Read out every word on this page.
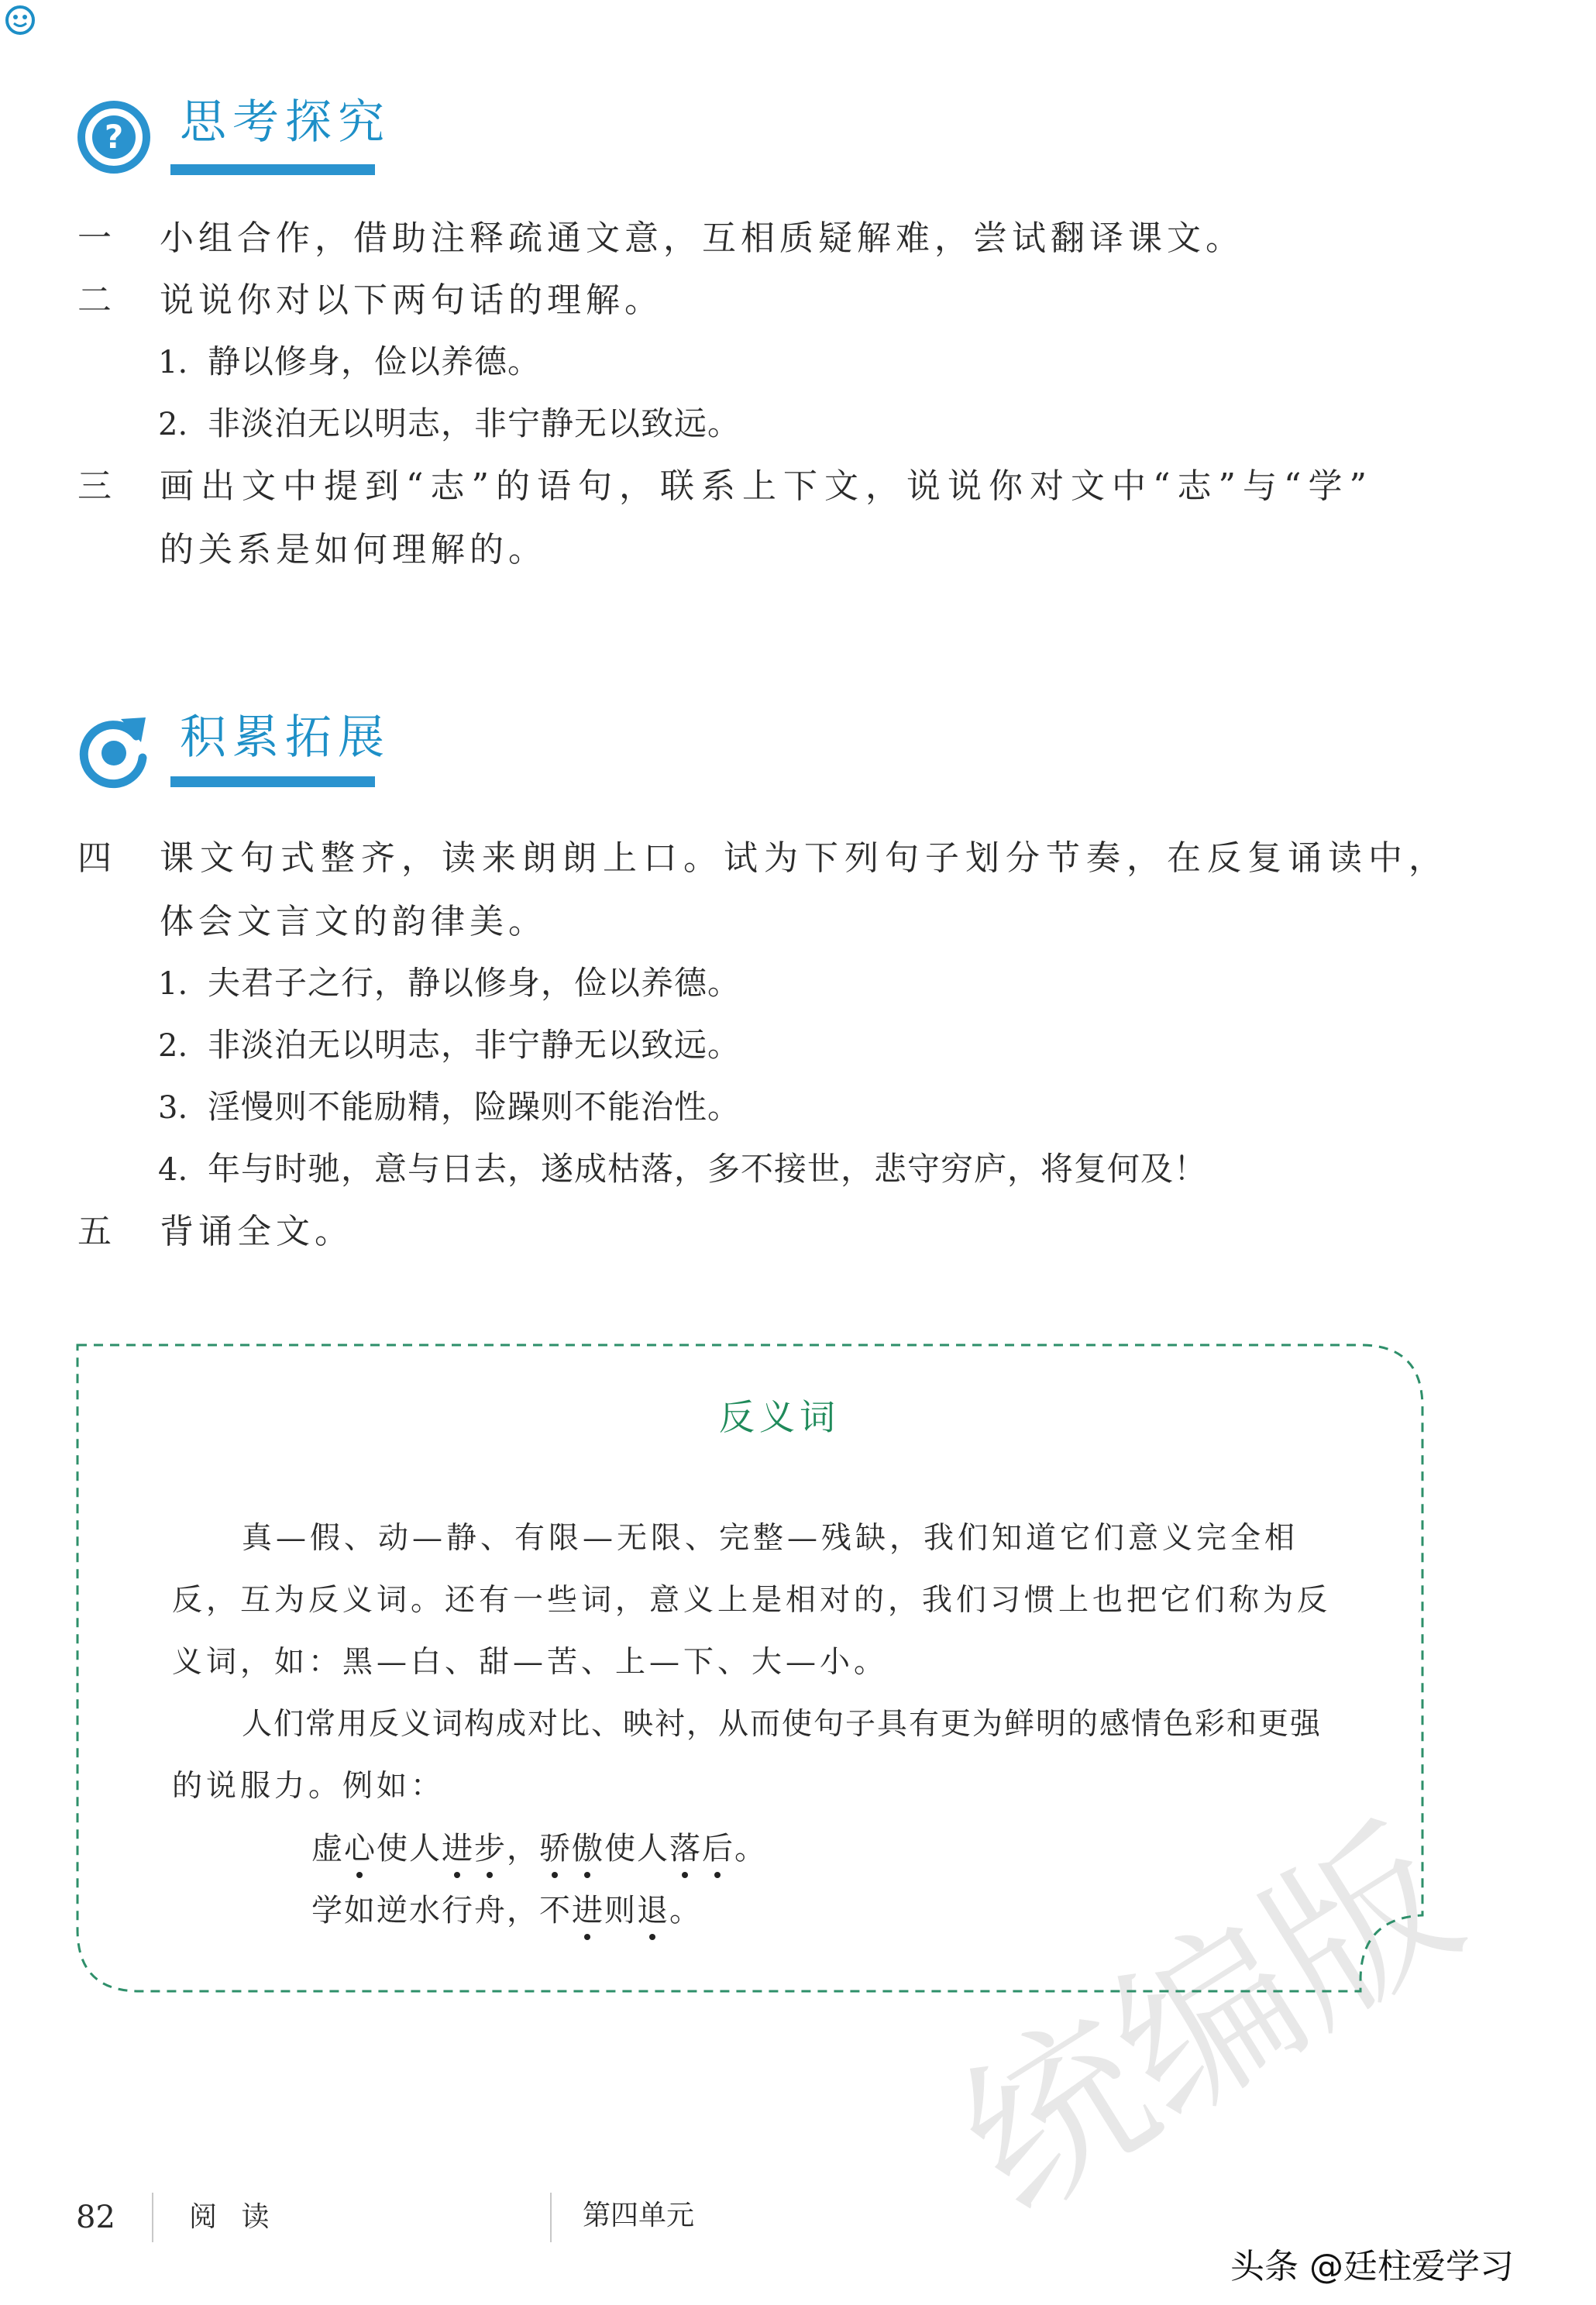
? 思考探究
一 小组合作，借助注释疏通文意，互相质疑解难，尝试翻译课文。
二 说说你对以下两句话的理解。
1. 静以修身，俭以养德。
2. 非淡泊无以明志，非宁静无以致远。
三 画出文中提到“志”的语句，联系上下文，说说你对文中“志”与“学”
的关系是如何理解的。
积累拓展
四 课文句式整齐，读来朗朗上口。试为下列句子划分节奏，在反复诵读中，
体会文言文的韵律美。
1. 夫君子之行，静以修身，俭以养德。
2. 非淡泊无以明志，非宁静无以致远。
3. 淫慢则不能励精，险躁则不能治性。
4. 年与时驰，意与日去，遂成枯落，多不接世，悲守穷庐，将复何及！
五 背诵全文。
统编版
反义词
真—假、动—静、有限—无限、完整—残缺，我们知道它们意义完全相
反，互为反义词。还有一些词，意义上是相对的，我们习惯上也把它们称为反
义词，如：黑—白、甜—苦、上—下、大—小。
人们常用反义词构成对比、映衬，从而使句子具有更为鲜明的感情色彩和更强
的说服力。例如：
虚心使人进步，骄傲使人落后。
学如逆水行舟，不进则退。
82	阅 读	第四单元
头条 @廷柱爱学习
